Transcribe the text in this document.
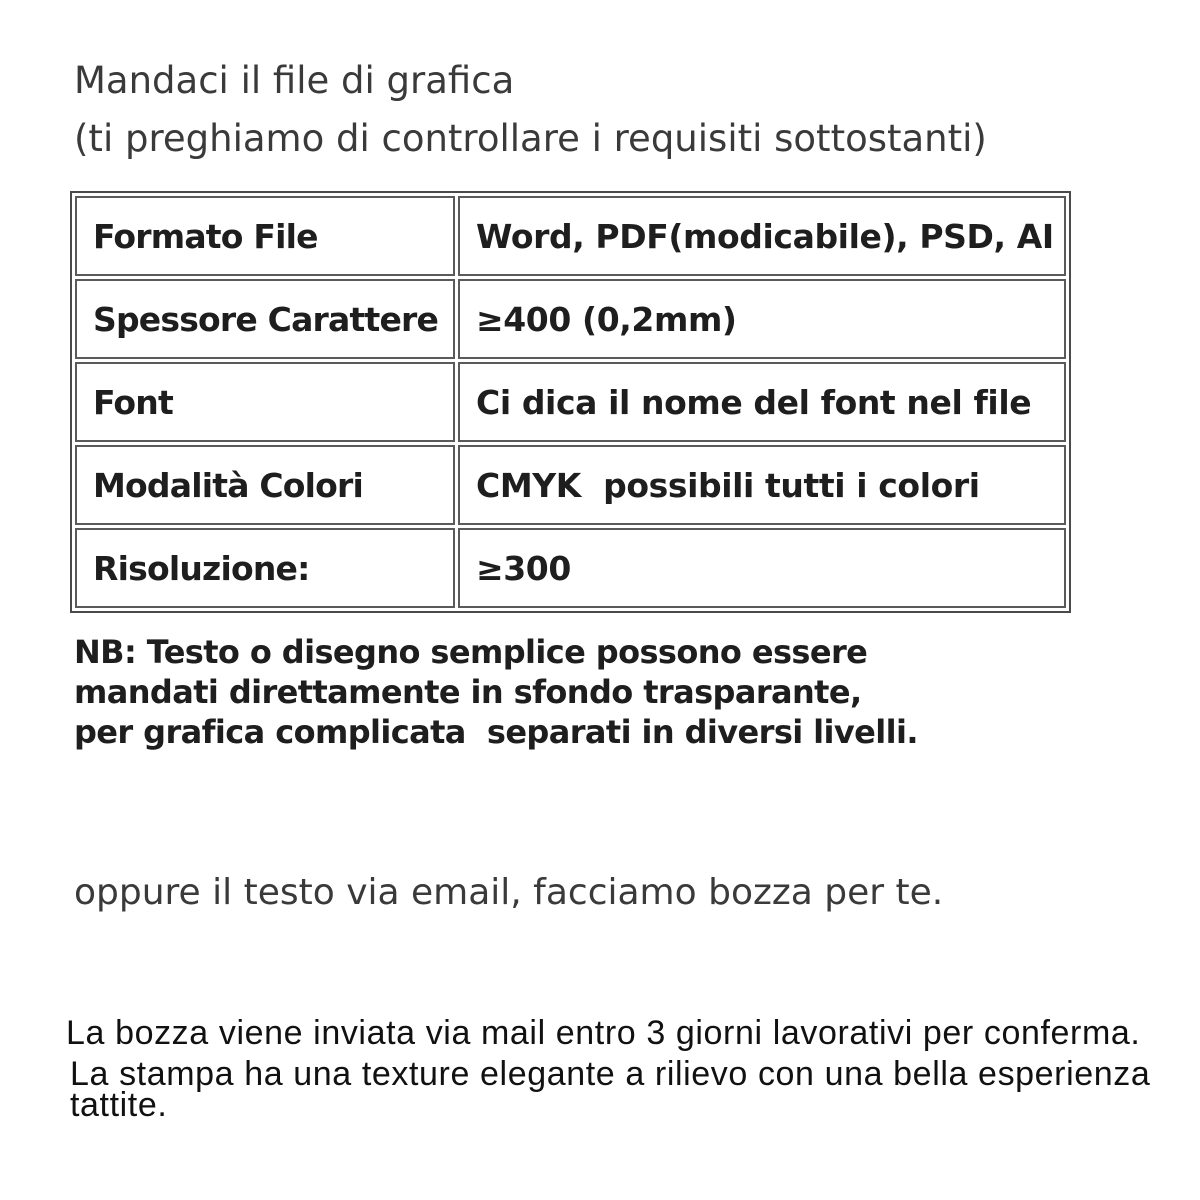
Mandaci il file di grafica
(ti preghiamo di controllare i requisiti sottostanti)
Formato File	Word, PDF(modicabile), PSD, AI
Spessore Carattere	≥400 (0,2mm)
Font	Ci dica il nome del font nel file
Modalità Colori	CMYK  possibili tutti i colori
Risoluzione:	≥300
NB: Testo o disegno semplice possono essere
mandati direttamente in sfondo trasparante,
per grafica complicata  separati in diversi livelli.
oppure il testo via email, facciamo bozza per te.

La bozza viene inviata via mail entro 3 giorni lavorativi per conferma.

La stampa ha una texture elegante a rilievo con una bella esperienza tattite.
